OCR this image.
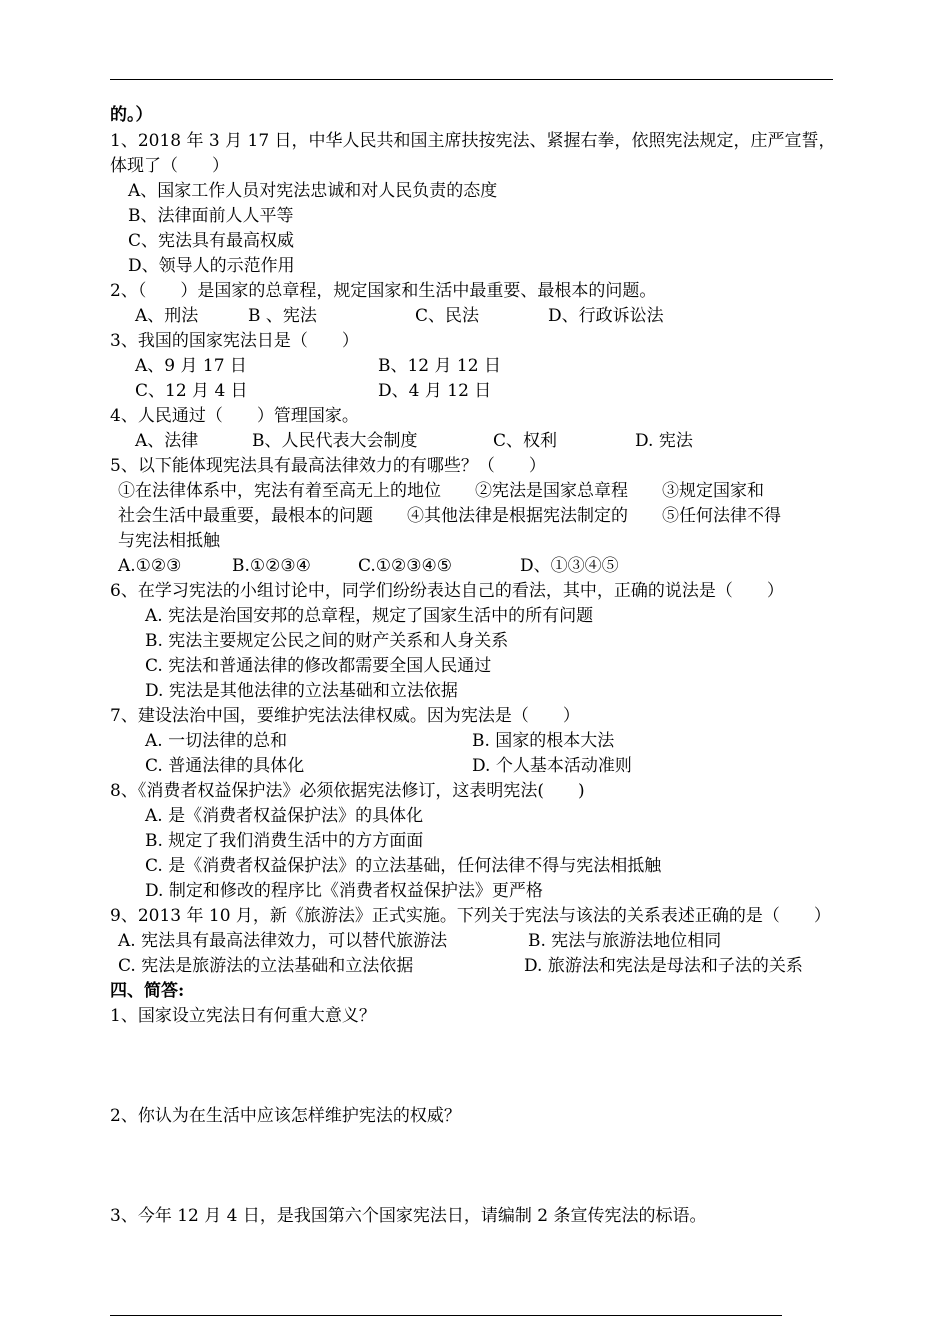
的。）
1、2018 年 3 月 17 日，中华人民共和国主席扶按宪法、紧握右拳，依照宪法规定，庄严宣誓，
体现了（　　）
A、国家工作人员对宪法忠诚和对人民负责的态度
B、法律面前人人平等
C、宪法具有最高权威
D、领导人的示范作用
2、（　　）是国家的总章程，规定国家和生活中最重要、最根本的问题。
A、刑法	B 、宪法	C、民法	D、行政诉讼法
3、我国的国家宪法日是（　　）
A、9 月 17 日	B、12 月 12 日
C、12 月 4 日	D、4 月 12 日
4、人民通过（　　）管理国家。
A、法律	B、人民代表大会制度	C、权利	D. 宪法
5、以下能体现宪法具有最高法律效力的有哪些？（　　）
①在法律体系中，宪法有着至高无上的地位　　②宪法是国家总章程　　③规定国家和
社会生活中最重要，最根本的问题　　④其他法律是根据宪法制定的　　⑤任何法律不得
与宪法相抵触
A.①②③	B.①②③④	C.①②③④⑤	D、①③④⑤
6、在学习宪法的小组讨论中，同学们纷纷表达自己的看法，其中，正确的说法是（　　）
A. 宪法是治国安邦的总章程，规定了国家生活中的所有问题
B. 宪法主要规定公民之间的财产关系和人身关系
C. 宪法和普通法律的修改都需要全国人民通过
D. 宪法是其他法律的立法基础和立法依据
7、建设法治中国，要维护宪法法律权威。因为宪法是（　　）
A. 一切法律的总和	B. 国家的根本大法
C. 普通法律的具体化	D. 个人基本活动准则
8、《消费者权益保护法》必须依据宪法修订，这表明宪法(　　)
A. 是《消费者权益保护法》的具体化
B. 规定了我们消费生活中的方方面面
C. 是《消费者权益保护法》的立法基础，任何法律不得与宪法相抵触
D. 制定和修改的程序比《消费者权益保护法》更严格
9、2013 年 10 月，新《旅游法》正式实施。下列关于宪法与该法的关系表述正确的是（　　）
A. 宪法具有最高法律效力，可以替代旅游法	B. 宪法与旅游法地位相同
C. 宪法是旅游法的立法基础和立法依据	D. 旅游法和宪法是母法和子法的关系
四、简答:
1、国家设立宪法日有何重大意义？
2、你认为在生活中应该怎样维护宪法的权威？
3、今年 12 月 4 日，是我国第六个国家宪法日，请编制 2 条宣传宪法的标语。
